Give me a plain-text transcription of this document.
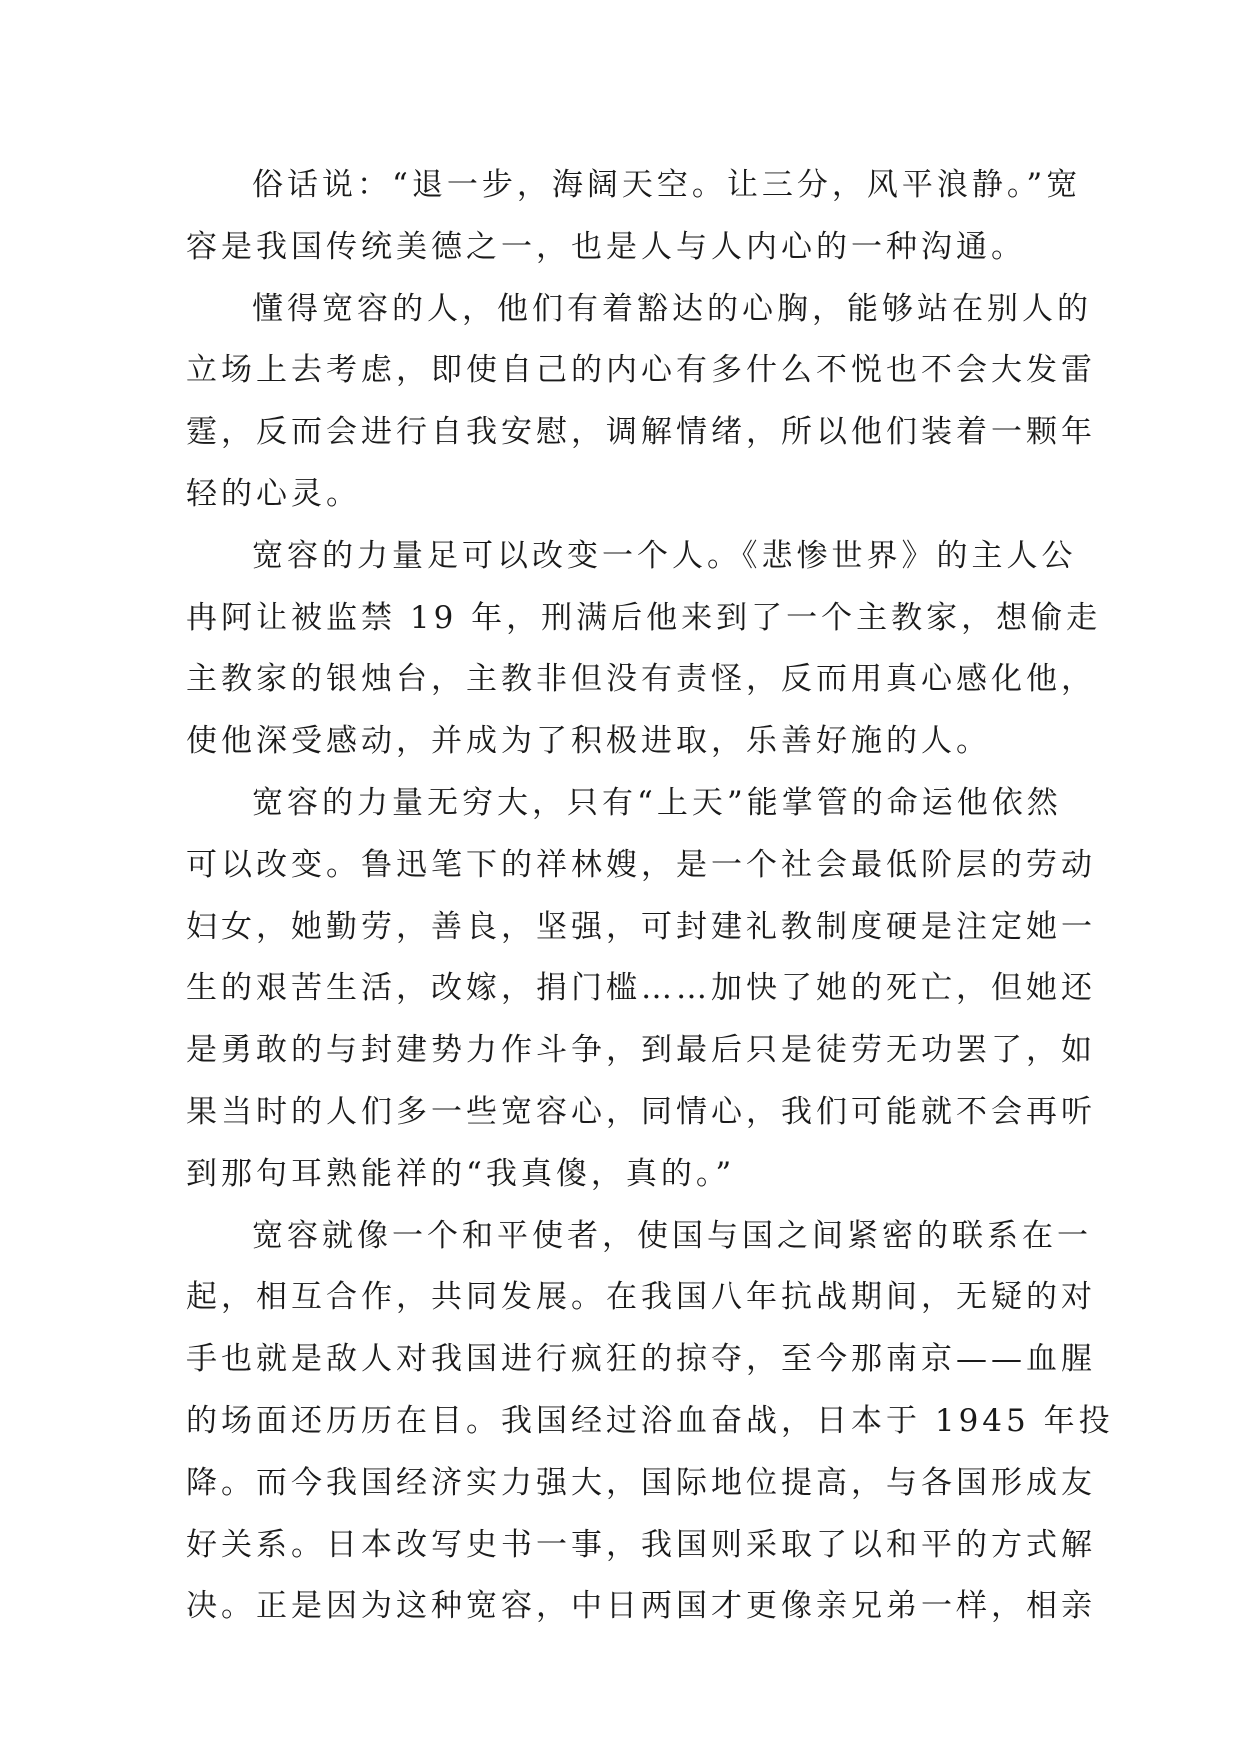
俗话说：“退一步，海阔天空。让三分，风平浪静。”宽
容是我国传统美德之一，也是人与人内心的一种沟通。
懂得宽容的人，他们有着豁达的心胸，能够站在别人的
立场上去考虑，即使自己的内心有多什么不悦也不会大发雷
霆，反而会进行自我安慰，调解情绪，所以他们装着一颗年
轻的心灵。
宽容的力量足可以改变一个人。《悲惨世界》的主人公
冉阿让被监禁 19 年，刑满后他来到了一个主教家，想偷走
主教家的银烛台，主教非但没有责怪，反而用真心感化他，
使他深受感动，并成为了积极进取，乐善好施的人。
宽容的力量无穷大，只有“上天”能掌管的命运他依然
可以改变。鲁迅笔下的祥林嫂，是一个社会最低阶层的劳动
妇女，她勤劳，善良，坚强，可封建礼教制度硬是注定她一
生的艰苦生活，改嫁，捐门槛……加快了她的死亡，但她还
是勇敢的与封建势力作斗争，到最后只是徒劳无功罢了，如
果当时的人们多一些宽容心，同情心，我们可能就不会再听
到那句耳熟能祥的“我真傻，真的。”
宽容就像一个和平使者，使国与国之间紧密的联系在一
起，相互合作，共同发展。在我国八年抗战期间，无疑的对
手也就是敌人对我国进行疯狂的掠夺，至今那南京——血腥
的场面还历历在目。我国经过浴血奋战，日本于 1945 年投
降。而今我国经济实力强大，国际地位提高，与各国形成友
好关系。日本改写史书一事，我国则采取了以和平的方式解
决。正是因为这种宽容，中日两国才更像亲兄弟一样，相亲
